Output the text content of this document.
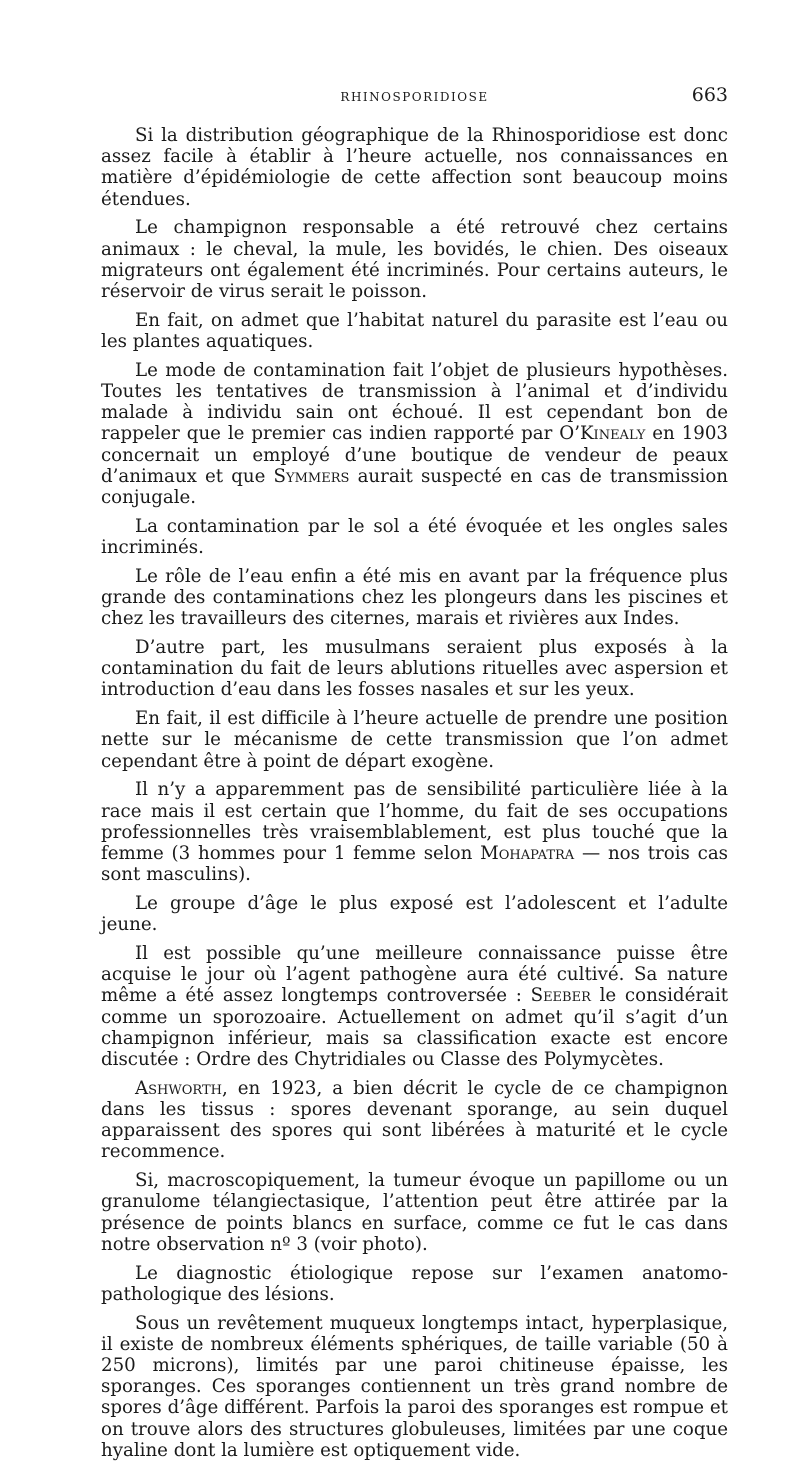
RHINOSPORIDIOSE	663

Si la distribution géographique de la Rhinosporidiose est donc assez facile à établir à l’heure actuelle, nos connaissances en matière d’épidémiologie de cette affection sont beaucoup moins étendues.

Le champignon responsable a été retrouvé chez certains animaux : le cheval, la mule, les bovidés, le chien. Des oiseaux migrateurs ont également été incriminés. Pour certains auteurs, le réservoir de virus serait le poisson.

En fait, on admet que l’habitat naturel du parasite est l’eau ou les plantes aquatiques.

Le mode de contamination fait l’objet de plusieurs hypothèses. Toutes les tentatives de transmission à l’animal et d’individu malade à individu sain ont échoué. Il est cependant bon de rappeler que le premier cas indien rapporté par O’Kinealy en 1903 concernait un employé d’une boutique de vendeur de peaux d’animaux et que Symmers aurait suspecté en cas de transmission conjugale.

La contamination par le sol a été évoquée et les ongles sales incriminés.

Le rôle de l’eau enfin a été mis en avant par la fréquence plus grande des contaminations chez les plongeurs dans les piscines et chez les travailleurs des citernes, marais et rivières aux Indes.

D’autre part, les musulmans seraient plus exposés à la contamination du fait de leurs ablutions rituelles avec aspersion et introduction d’eau dans les fosses nasales et sur les yeux.

En fait, il est difficile à l’heure actuelle de prendre une position nette sur le mécanisme de cette transmission que l’on admet cependant être à point de départ exogène.

Il n’y a apparemment pas de sensibilité particulière liée à la race mais il est certain que l’homme, du fait de ses occupations professionnelles très vraisemblablement, est plus touché que la femme (3 hommes pour 1 femme selon Mohapatra — nos trois cas sont masculins).

Le groupe d’âge le plus exposé est l’adolescent et l’adulte jeune.

Il est possible qu’une meilleure connaissance puisse être acquise le jour où l’agent pathogène aura été cultivé. Sa nature même a été assez longtemps controversée : Seeber le considérait comme un sporozoaire. Actuellement on admet qu’il s’agit d’un champignon inférieur, mais sa classification exacte est encore discutée : Ordre des Chytridiales ou Classe des Polymycètes.

Ashworth, en 1923, a bien décrit le cycle de ce champignon dans les tissus : spores devenant sporange, au sein duquel apparaissent des spores qui sont libérées à maturité et le cycle recommence.

Si, macroscopiquement, la tumeur évoque un papillome ou un granulome télangiectasique, l’attention peut être attirée par la présence de points blancs en surface, comme ce fut le cas dans notre observation nº 3 (voir photo).

Le diagnostic étiologique repose sur l’examen anatomo-pathologique des lésions.

Sous un revêtement muqueux longtemps intact, hyperplasique, il existe de nombreux éléments sphériques, de taille variable (50 à 250 microns), limités par une paroi chitineuse épaisse, les sporanges. Ces sporanges contiennent un très grand nombre de spores d’âge différent. Parfois la paroi des sporanges est rompue et on trouve alors des structures globuleuses, limitées par une coque hyaline dont la lumière est optiquement vide.
